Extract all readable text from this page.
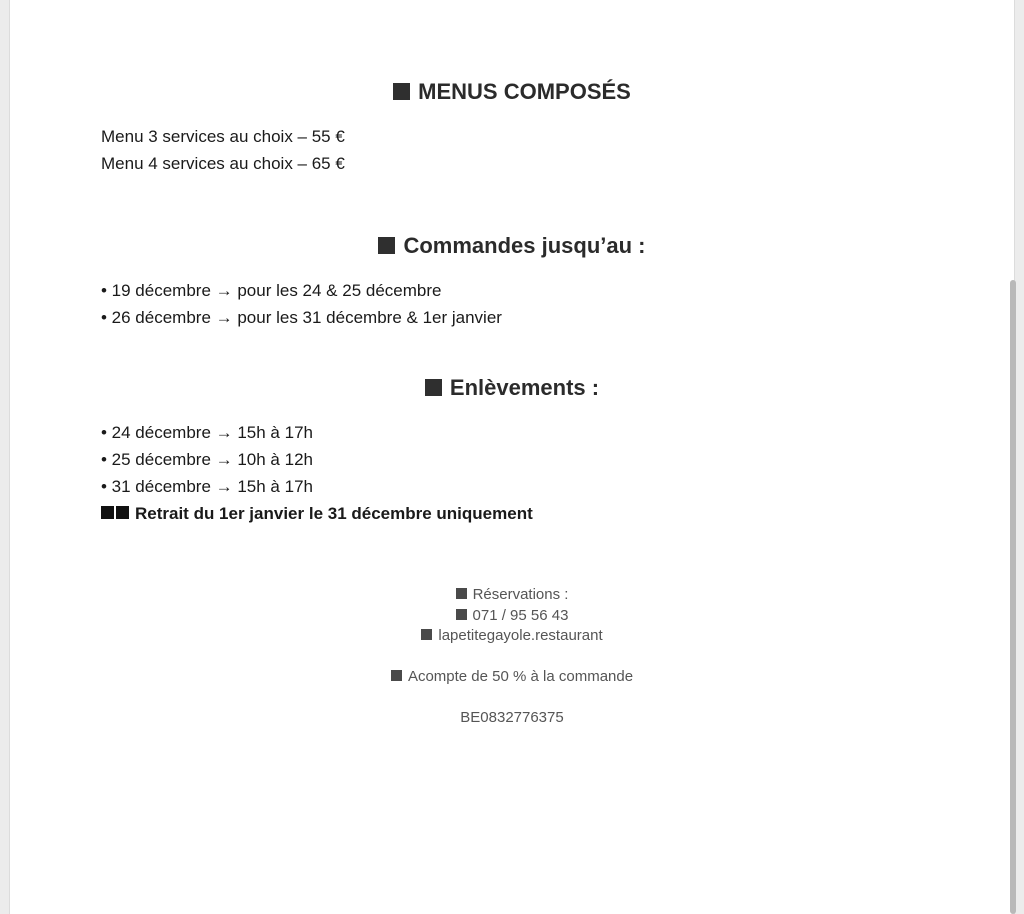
MENUS COMPOSÉS
Menu 3 services au choix – 55 €
Menu 4 services au choix – 65 €
Commandes jusqu’au :
• 19 décembre → pour les 24 & 25 décembre
• 26 décembre → pour les 31 décembre & 1er janvier
Enlèvements :
• 24 décembre → 15h à 17h
• 25 décembre → 10h à 12h
• 31 décembre → 15h à 17h
Retrait du 1er janvier le 31 décembre uniquement
Réservations :
071 / 95 56 43
lapetitegayole.restaurant
Acompte de 50 % à la commande
BE0832776375
